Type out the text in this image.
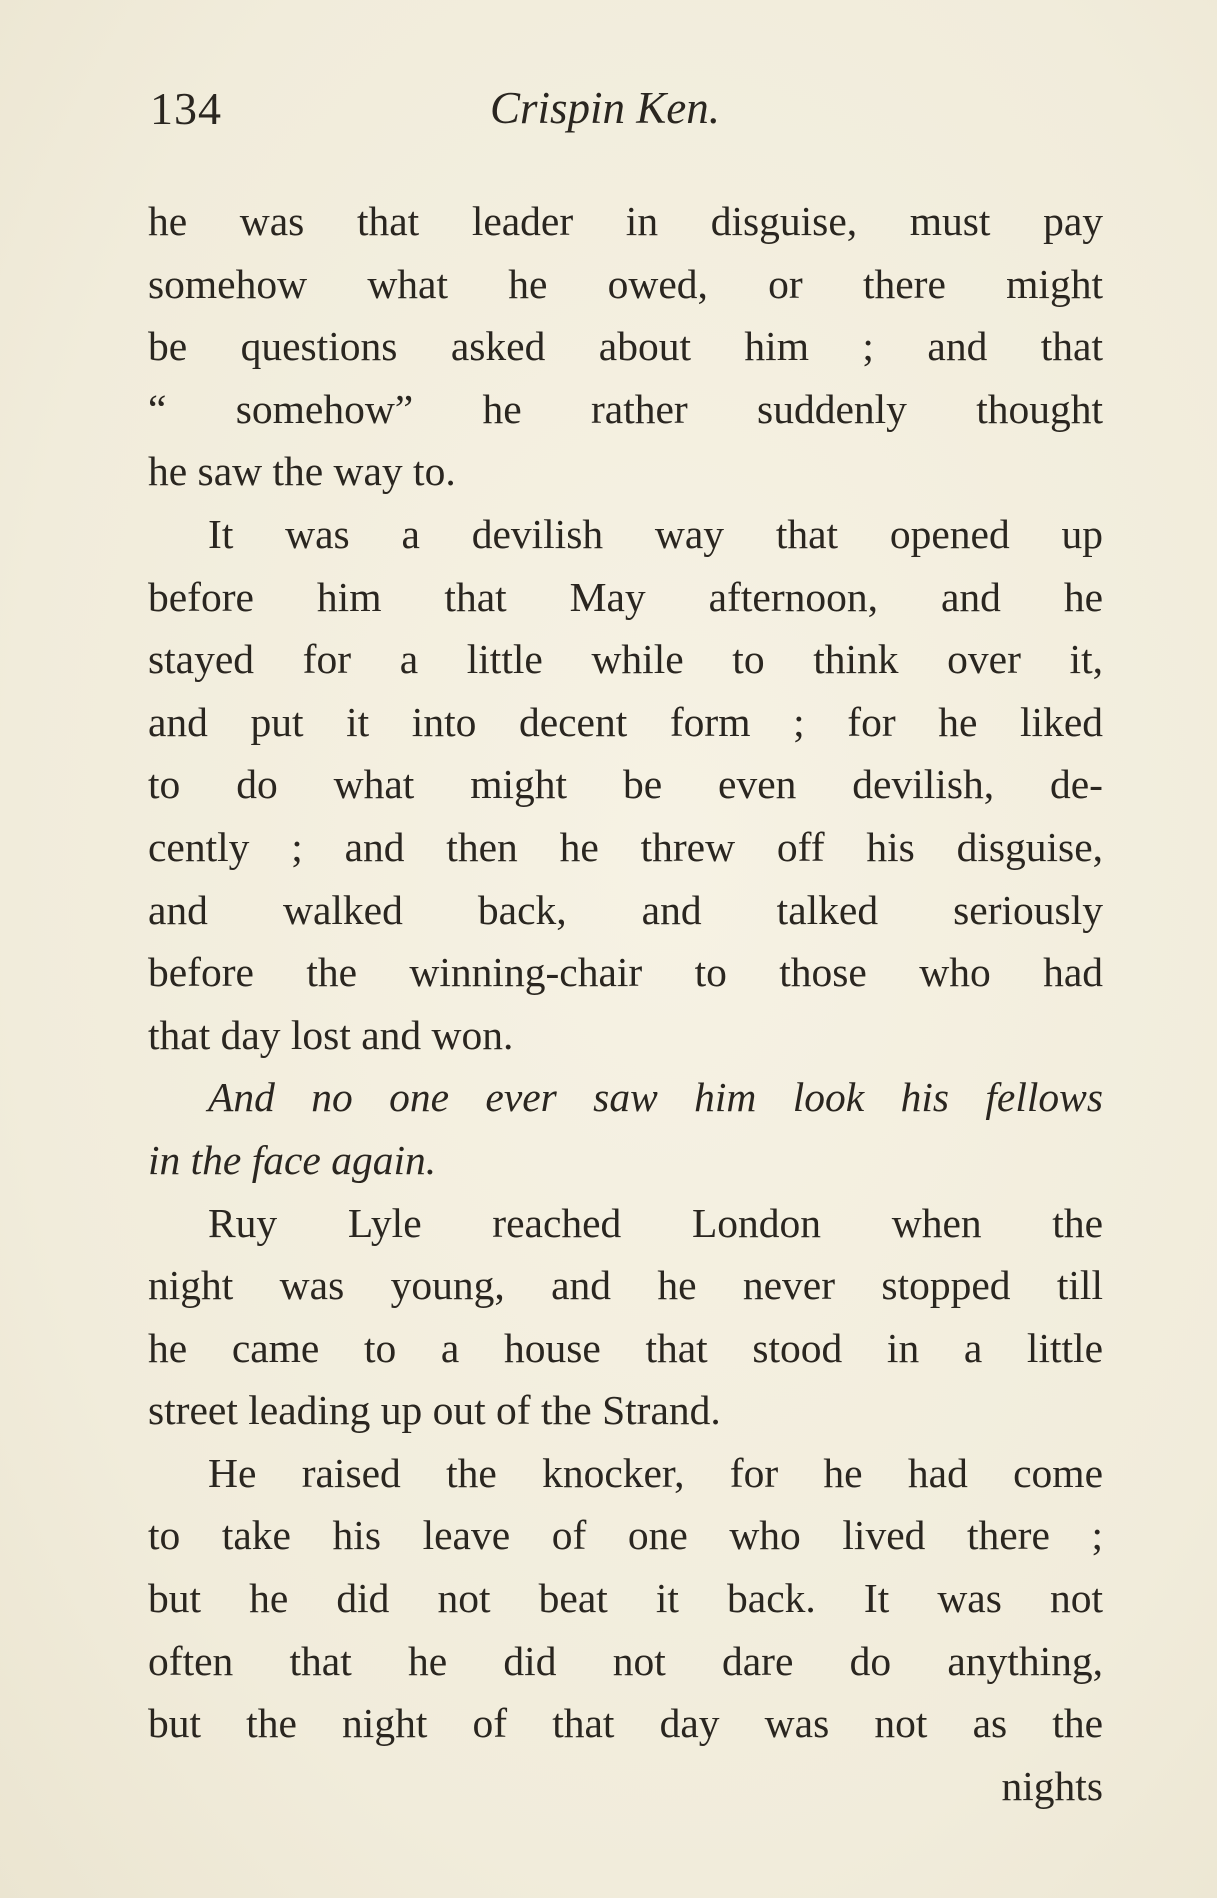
134	Crispin Ken.
he was that leader in disguise, must pay
somehow what he owed, or there might
be questions asked about him ; and that
“ somehow” he rather suddenly thought
he saw the way to.
It was a devilish way that opened up
before him that May afternoon, and he
stayed for a little while to think over it,
and put it into decent form ; for he liked
to do what might be even devilish, de-
cently ; and then he threw off his disguise,
and walked back, and talked seriously
before the winning-chair to those who had
that day lost and won.
And no one ever saw him look his fellows
in the face again.
Ruy Lyle reached London when the
night was young, and he never stopped till
he came to a house that stood in a little
street leading up out of the Strand.
He raised the knocker, for he had come
to take his leave of one who lived there ;
but he did not beat it back. It was not
often that he did not dare do anything,
but the night of that day was not as the
nights
